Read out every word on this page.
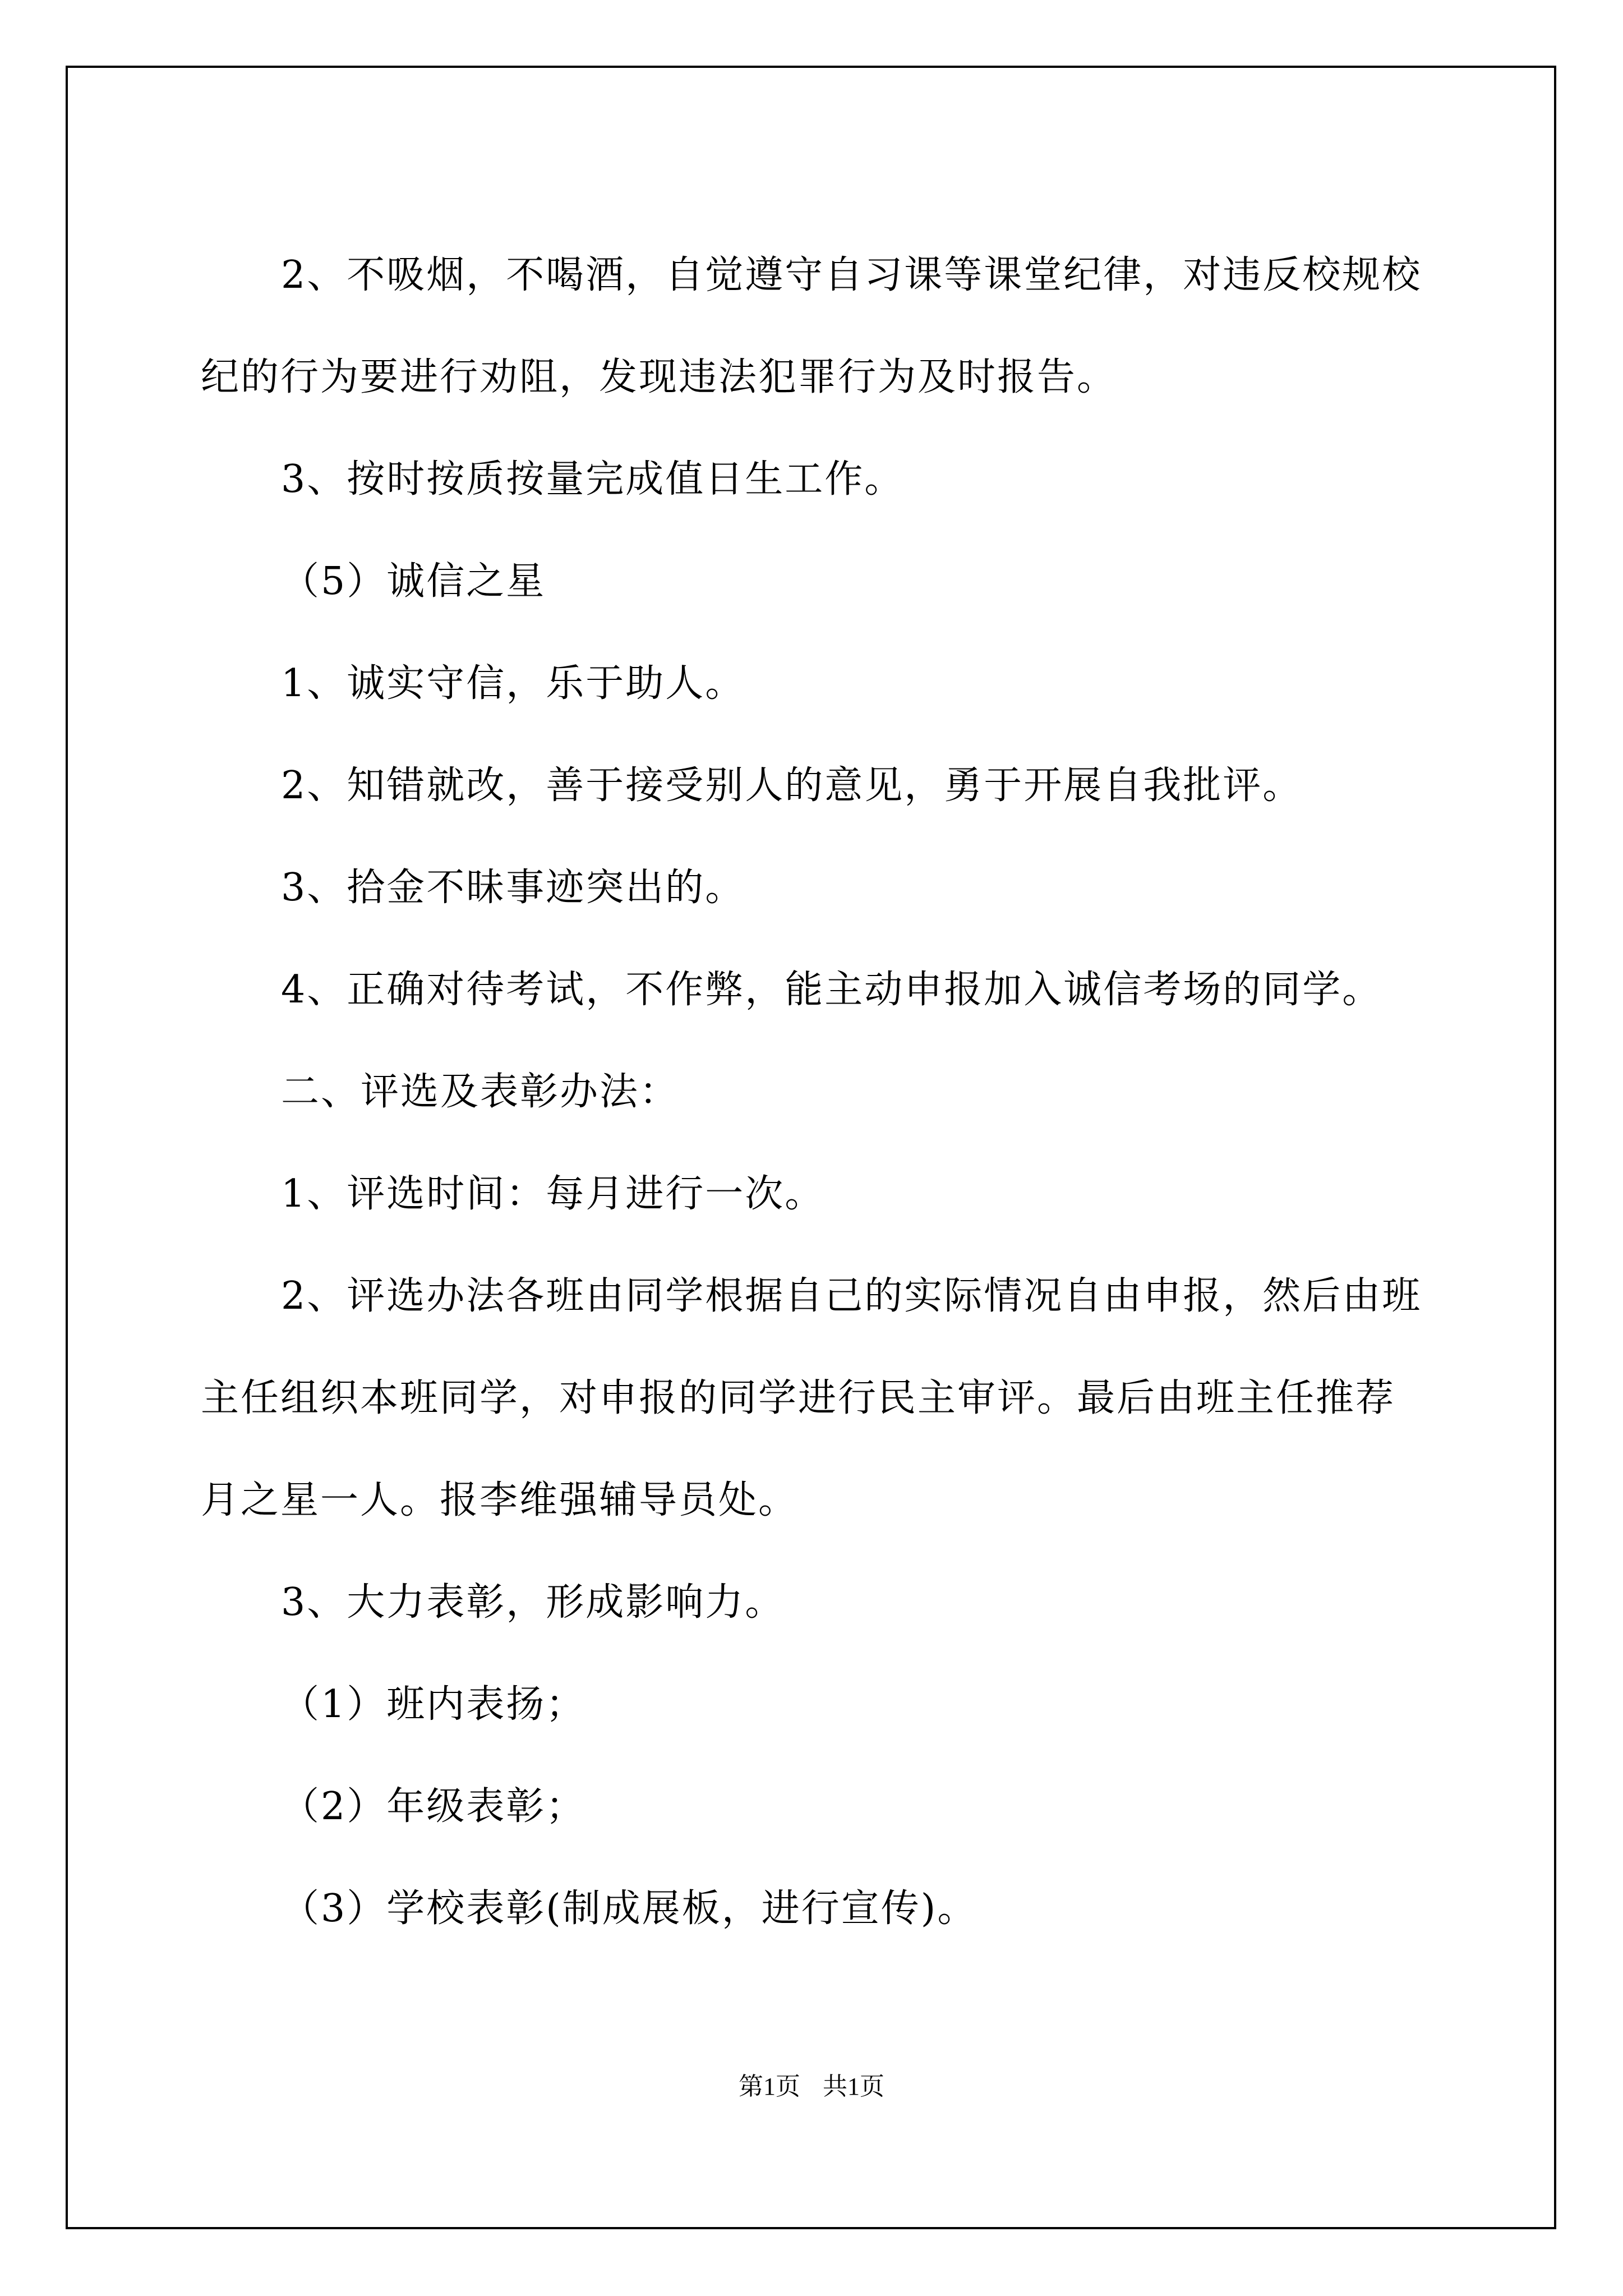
2、不吸烟，不喝酒，自觉遵守自习课等课堂纪律，对违反校规校
纪的行为要进行劝阻，发现违法犯罪行为及时报告。

3、按时按质按量完成值日生工作。

（5）诚信之星

1、诚实守信，乐于助人。

2、知错就改，善于接受别人的意见，勇于开展自我批评。

3、拾金不昧事迹突出的。

4、正确对待考试，不作弊，能主动申报加入诚信考场的同学。

二、评选及表彰办法：

1、评选时间：每月进行一次。

2、评选办法各班由同学根据自己的实际情况自由申报，然后由班
主任组织本班同学，对申报的同学进行民主审评。最后由班主任推荐
月之星一人。报李维强辅导员处。

3、大力表彰，形成影响力。

（1）班内表扬；

（2）年级表彰；

（3）学校表彰(制成展板，进行宣传)。

第1页 共1页
